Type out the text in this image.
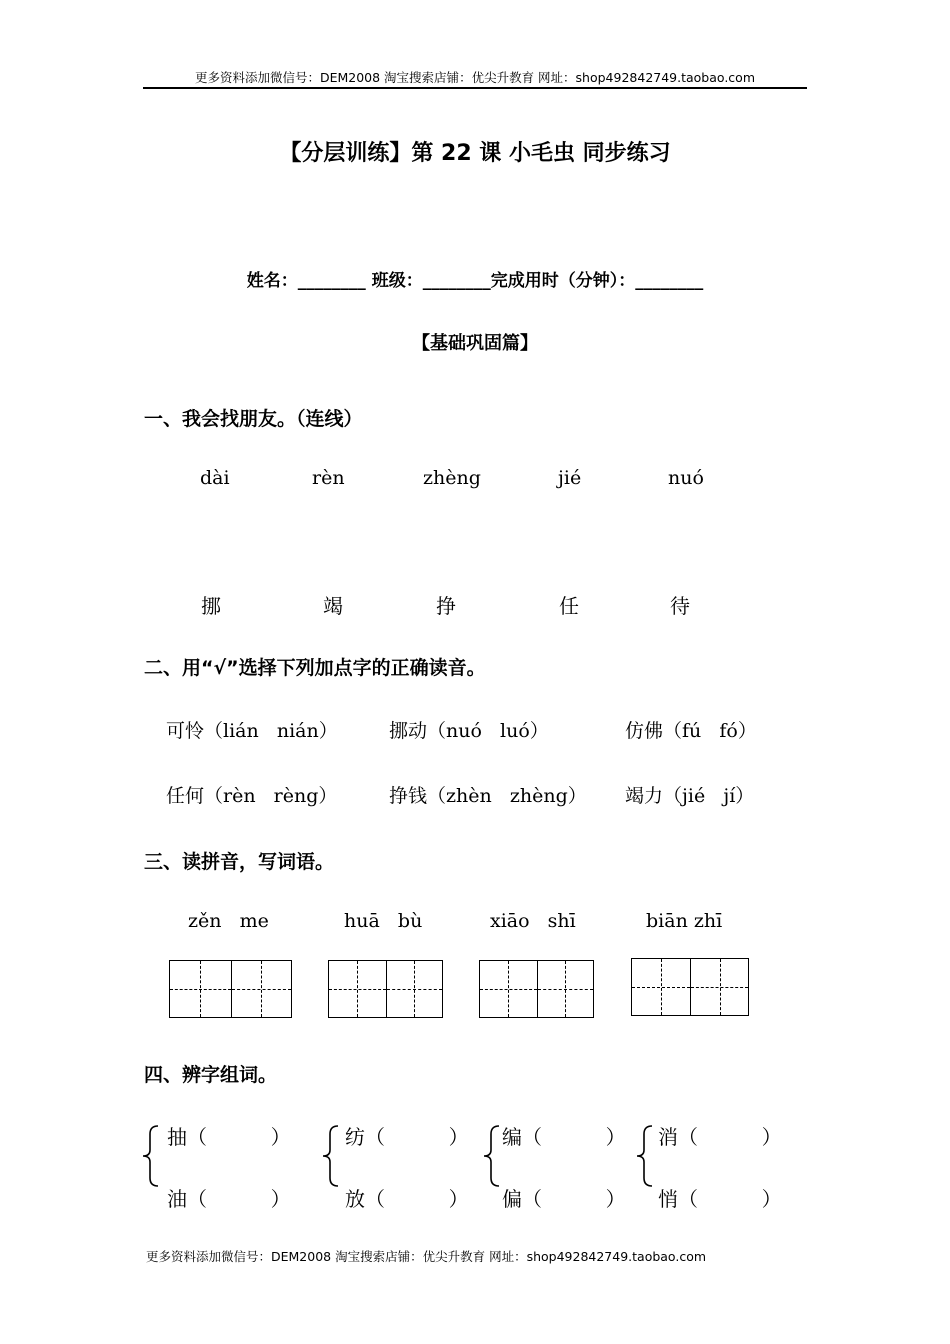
更多资料添加微信号：DEM2008 淘宝搜索店铺：优尖升教育 网址：shop492842749.taobao.com
【分层训练】第 22 课 小毛虫 同步练习
姓名：________ 班级：________完成用时（分钟）：________
【基础巩固篇】
一、我会找朋友。（连线）
dài	rèn	zhèng	jié	nuó
挪	竭	挣	任	待
二、用“√”选择下列加点字的正确读音。
可怜（lián   nián）	挪动（nuó   luó）	仿佛（fú   fó）
任何（rèn   rèng）	挣钱（zhèn   zhèng） 竭力（jié   jí）
三、读拼音，写词语。
zěn   me	huā   bù	xiāo   shī	biān zhī
四、辨字组词。
抽（          ）	纺（          ） 编（          ） 消（          ）
油（          ）	放（          ） 偏（          ） 悄（          ）
更多资料添加微信号：DEM2008 淘宝搜索店铺：优尖升教育 网址：shop492842749.taobao.com
